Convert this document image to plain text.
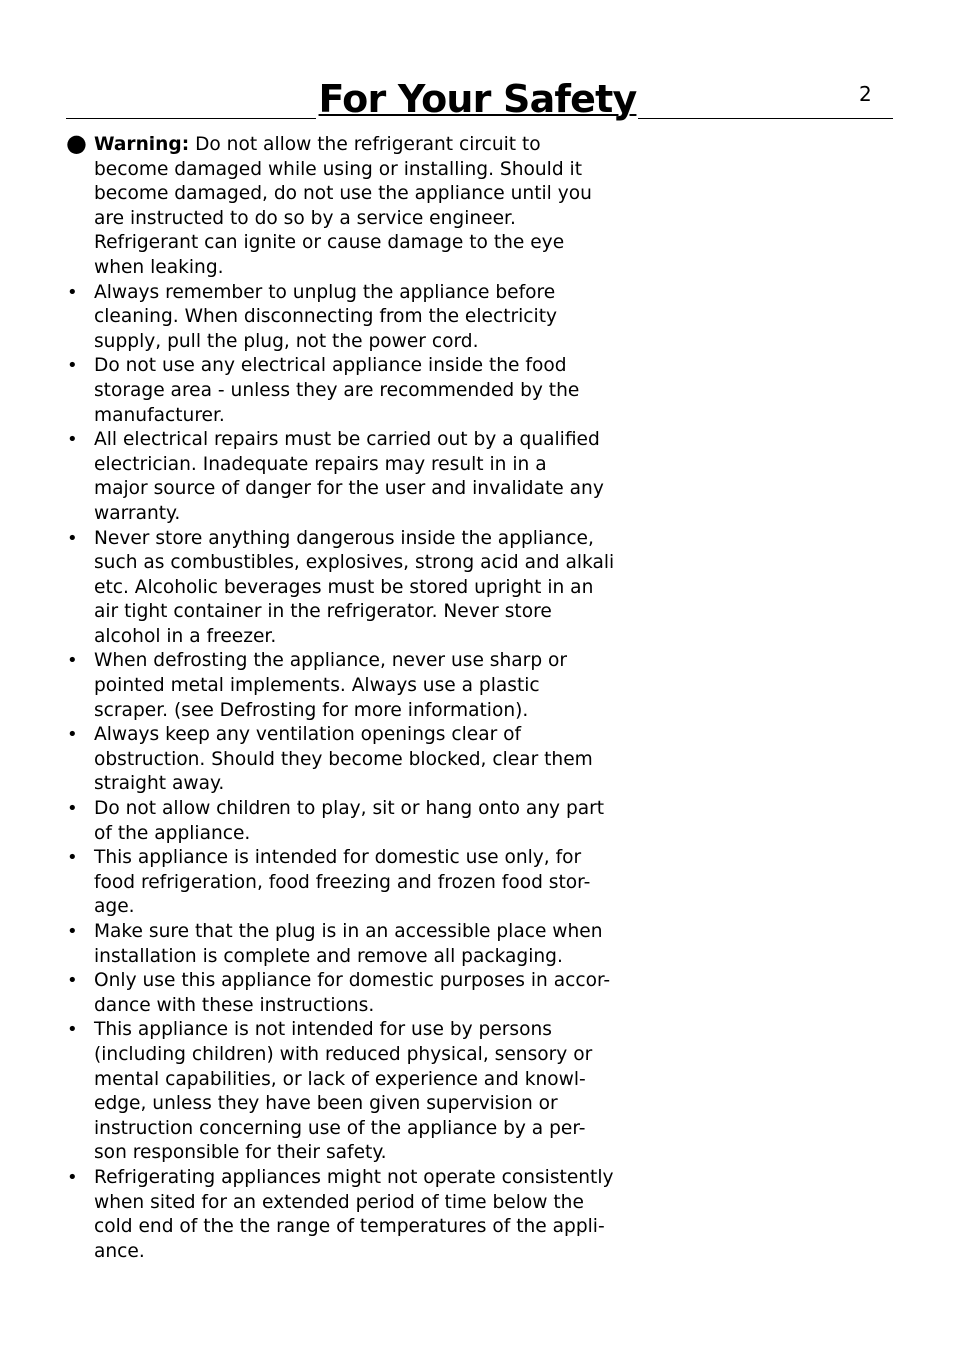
For Your Safety	2
● Warning: Do not allow the refrigerant circuit to
become damaged while using or installing. Should it
become damaged, do not use the appliance until you
are instructed to do so by a service engineer.
Refrigerant can ignite or cause damage to the eye
when leaking.
• Always remember to unplug the appliance before
cleaning. When disconnecting from the electricity
supply, pull the plug, not the power cord.
• Do not use any electrical appliance inside the food
storage area - unless they are recommended by the
manufacturer.
• All electrical repairs must be carried out by a qualified
electrician. Inadequate repairs may result in in a
major source of danger for the user and invalidate any
warranty.
• Never store anything dangerous inside the appliance,
such as combustibles, explosives, strong acid and alkali
etc. Alcoholic beverages must be stored upright in an
air tight container in the refrigerator. Never store
alcohol in a freezer.
• When defrosting the appliance, never use sharp or
pointed metal implements. Always use a plastic
scraper. (see Defrosting for more information).
• Always keep any ventilation openings clear of
obstruction. Should they become blocked, clear them
straight away.
• Do not allow children to play, sit or hang onto any part
of the appliance.
• This appliance is intended for domestic use only, for
food refrigeration, food freezing and frozen food stor-
age.
• Make sure that the plug is in an accessible place when
installation is complete and remove all packaging.
• Only use this appliance for domestic purposes in accor-
dance with these instructions.
• This appliance is not intended for use by persons
(including children) with reduced physical, sensory or
mental capabilities, or lack of experience and knowl-
edge, unless they have been given supervision or
instruction concerning use of the appliance by a per-
son responsible for their safety.
• Refrigerating appliances might not operate consistently
when sited for an extended period of time below the
cold end of the the range of temperatures of the appli-
ance.
